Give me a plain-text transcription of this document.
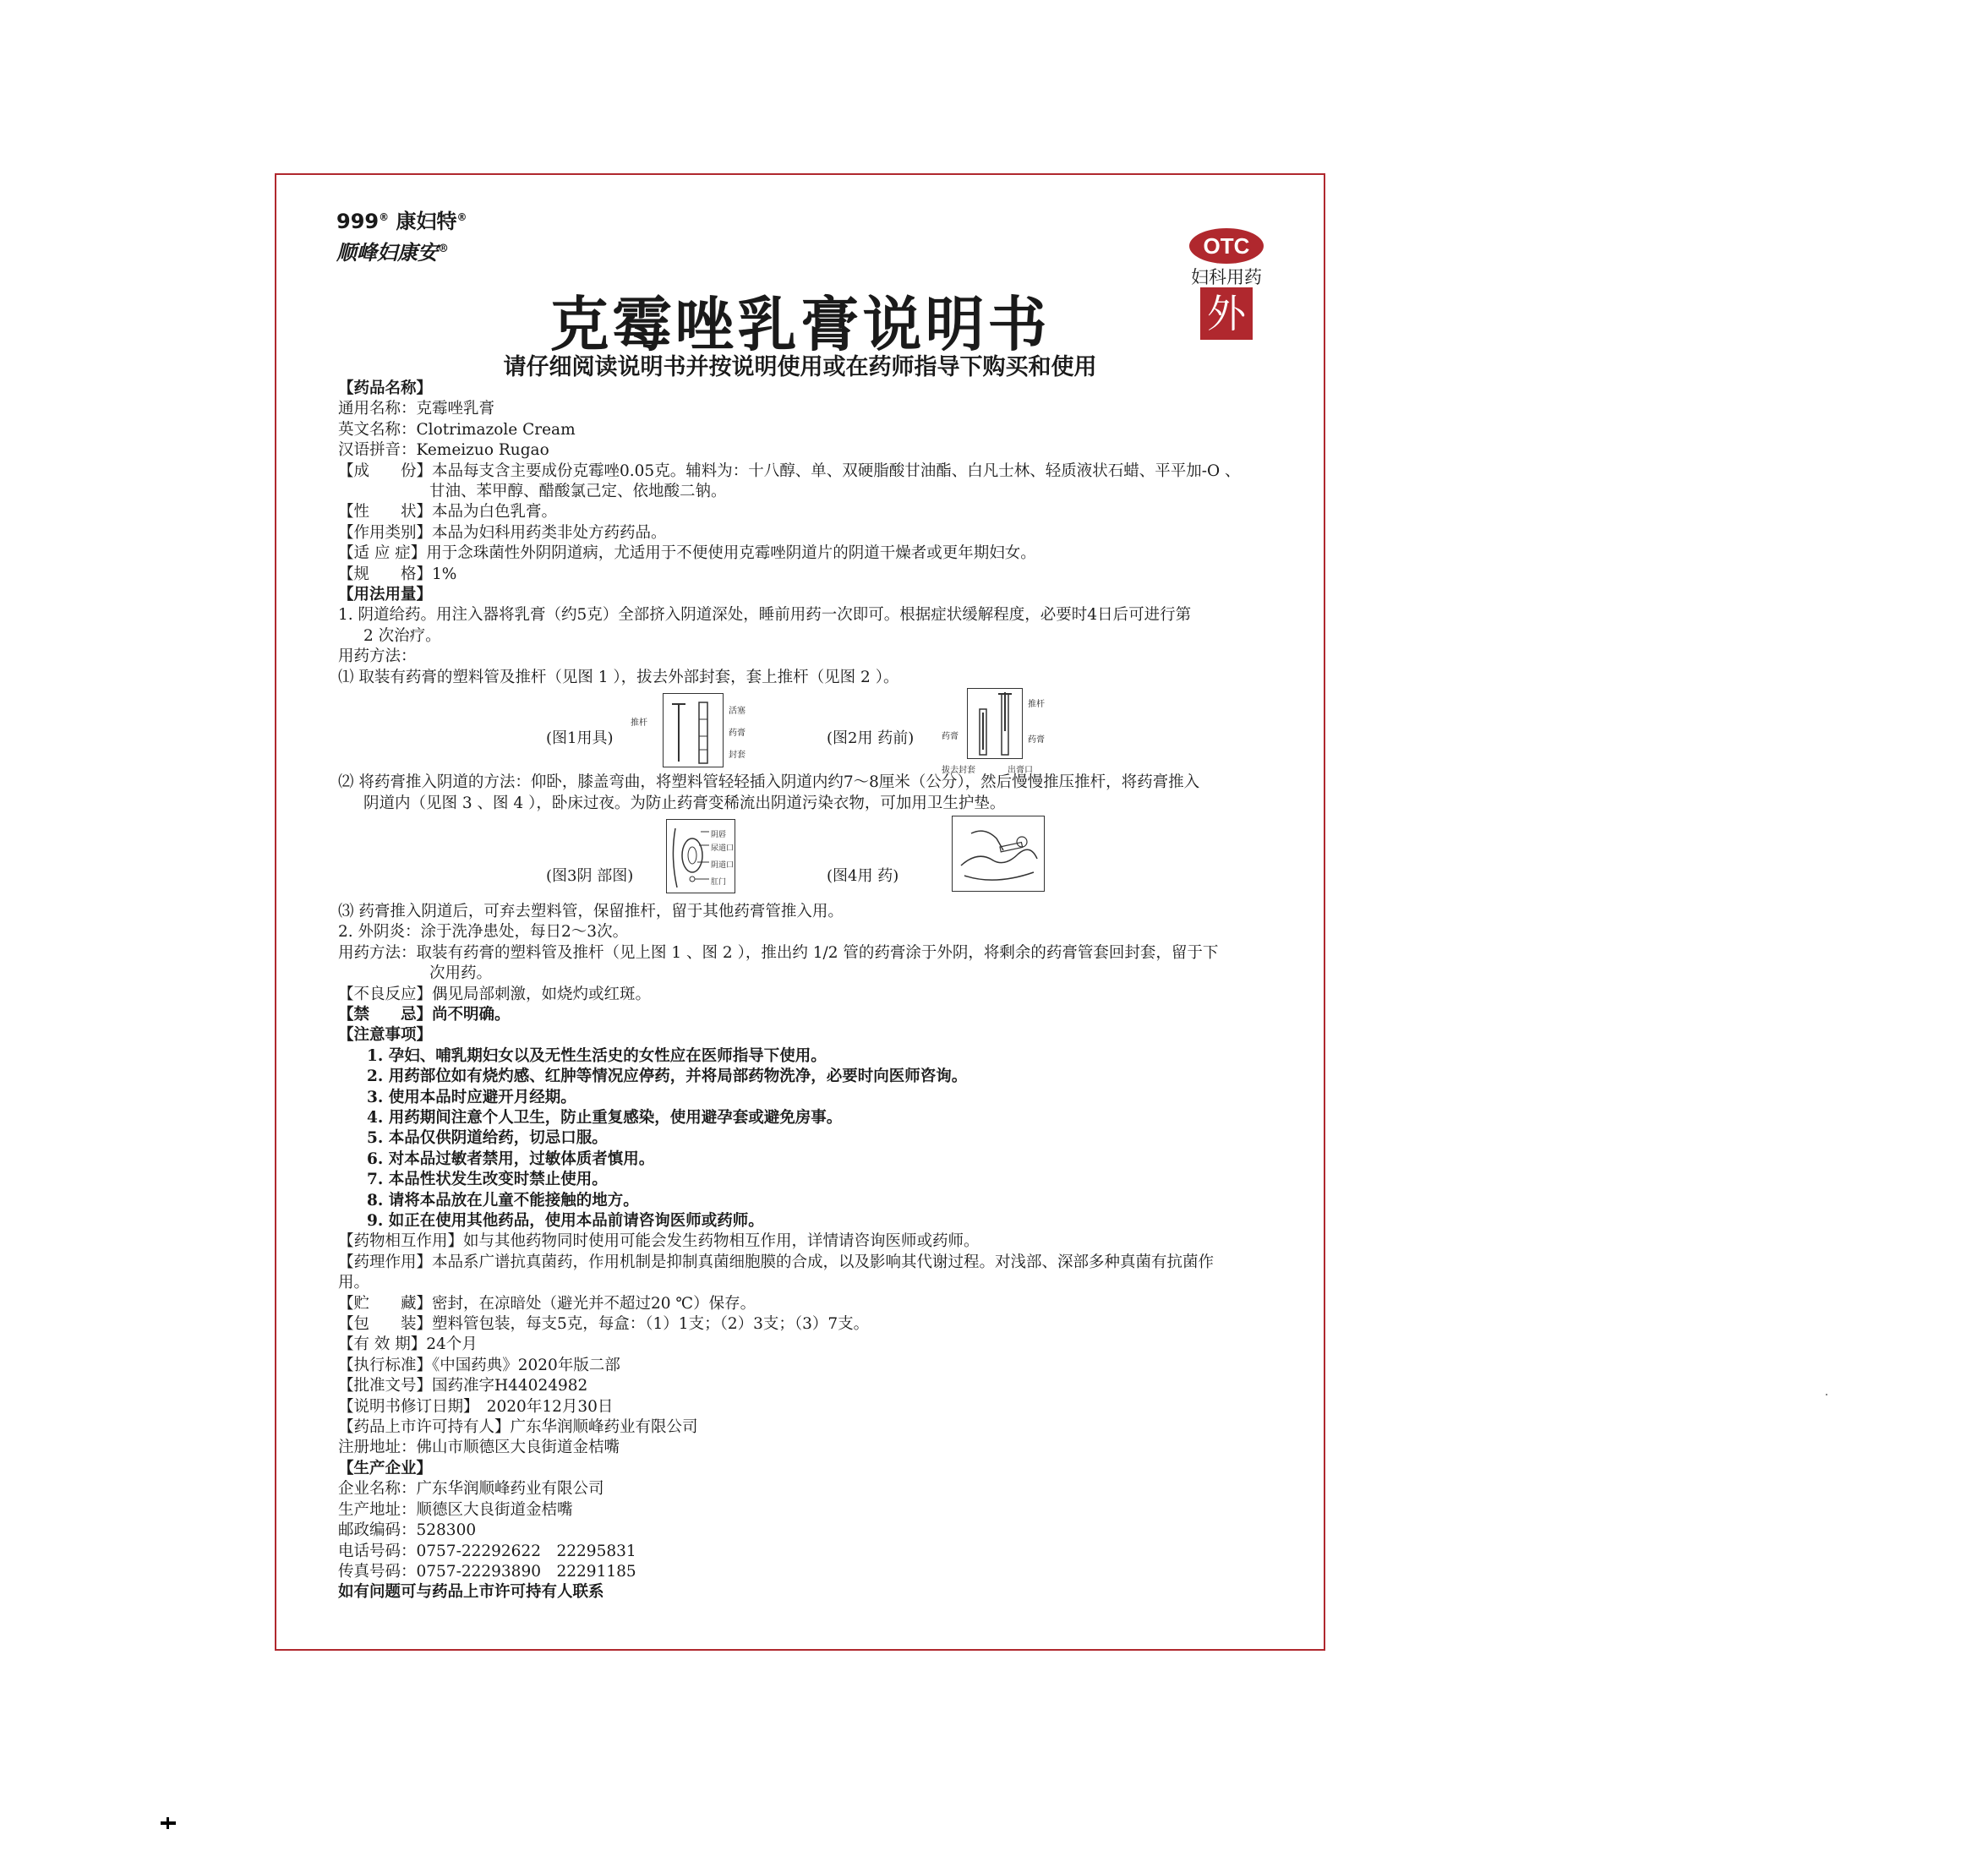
999® 康妇特®
顺峰妇康安®	OTC
妇科用药
外
克霉唑乳膏说明书
请仔细阅读说明书并按说明使用或在药师指导下购买和使用
【药品名称】
通用名称：克霉唑乳膏
英文名称：Clotrimazole Cream
汉语拼音：Kemeizuo Rugao
【成　　份】本品每支含主要成份克霉唑0.05克。辅料为：十八醇、单、双硬脂酸甘油酯、白凡士林、轻质液状石蜡、平平加-O 、
甘油、苯甲醇、醋酸氯己定、依地酸二钠。
【性　　状】本品为白色乳膏。
【作用类别】本品为妇科用药类非处方药药品。
【适 应 症】用于念珠菌性外阴阴道病，尤适用于不便使用克霉唑阴道片的阴道干燥者或更年期妇女。
【规　　格】1%
【用法用量】
1. 阴道给药。用注入器将乳膏（约5克）全部挤入阴道深处，睡前用药一次即可。根据症状缓解程度，必要时4日后可进行第
2 次治疗。
用药方法：
⑴ 取装有药膏的塑料管及推杆（见图 1 ），拔去外部封套，套上推杆（见图 2 ）。
(图1用具)
推杆
活塞
药膏
封套
(图2用 药前)
推杆
药膏	药膏
拔去封套	出膏口
⑵ 将药膏推入阴道的方法：仰卧，膝盖弯曲，将塑料管轻轻插入阴道内约7～8厘米（公分），然后慢慢推压推杆，将药膏推入
阴道内（见图 3 、图 4 ），卧床过夜。为防止药膏变稀流出阴道污染衣物，可加用卫生护垫。
(图3阴 部图)
阴唇
尿道口
阴道口
肛门	(图4用 药)
⑶ 药膏推入阴道后，可弃去塑料管，保留推杆，留于其他药膏管推入用。
2. 外阴炎：涂于洗净患处，每日2～3次。
用药方法：取装有药膏的塑料管及推杆（见上图 1 、图 2 ），推出约 1/2 管的药膏涂于外阴，将剩余的药膏管套回封套，留于下
次用药。
【不良反应】偶见局部刺激，如烧灼或红斑。
【禁　　忌】尚不明确。
【注意事项】
1. 孕妇、哺乳期妇女以及无性生活史的女性应在医师指导下使用。
2. 用药部位如有烧灼感、红肿等情况应停药，并将局部药物洗净，必要时向医师咨询。
3. 使用本品时应避开月经期。
4. 用药期间注意个人卫生，防止重复感染，使用避孕套或避免房事。
5. 本品仅供阴道给药，切忌口服。
6. 对本品过敏者禁用，过敏体质者慎用。
7. 本品性状发生改变时禁止使用。
8. 请将本品放在儿童不能接触的地方。
9. 如正在使用其他药品，使用本品前请咨询医师或药师。
【药物相互作用】如与其他药物同时使用可能会发生药物相互作用，详情请咨询医师或药师。
【药理作用】本品系广谱抗真菌药，作用机制是抑制真菌细胞膜的合成，以及影响其代谢过程。对浅部、深部多种真菌有抗菌作
用。
【贮　　藏】密封，在凉暗处（避光并不超过20 ℃）保存。
【包　　装】塑料管包装，每支5克，每盒：（1）1支；（2）3支；（3）7支。
【有 效 期】24个月
【执行标准】《中国药典》2020年版二部
【批准文号】国药准字H44024982
【说明书修订日期】　2020年12月30日
【药品上市许可持有人】广东华润顺峰药业有限公司
注册地址：佛山市顺德区大良街道金桔嘴
【生产企业】
企业名称：广东华润顺峰药业有限公司
生产地址：顺德区大良街道金桔嘴
邮政编码：528300
电话号码：0757-22292622　22295831
传真号码：0757-22293890　22291185
如有问题可与药品上市许可持有人联系
